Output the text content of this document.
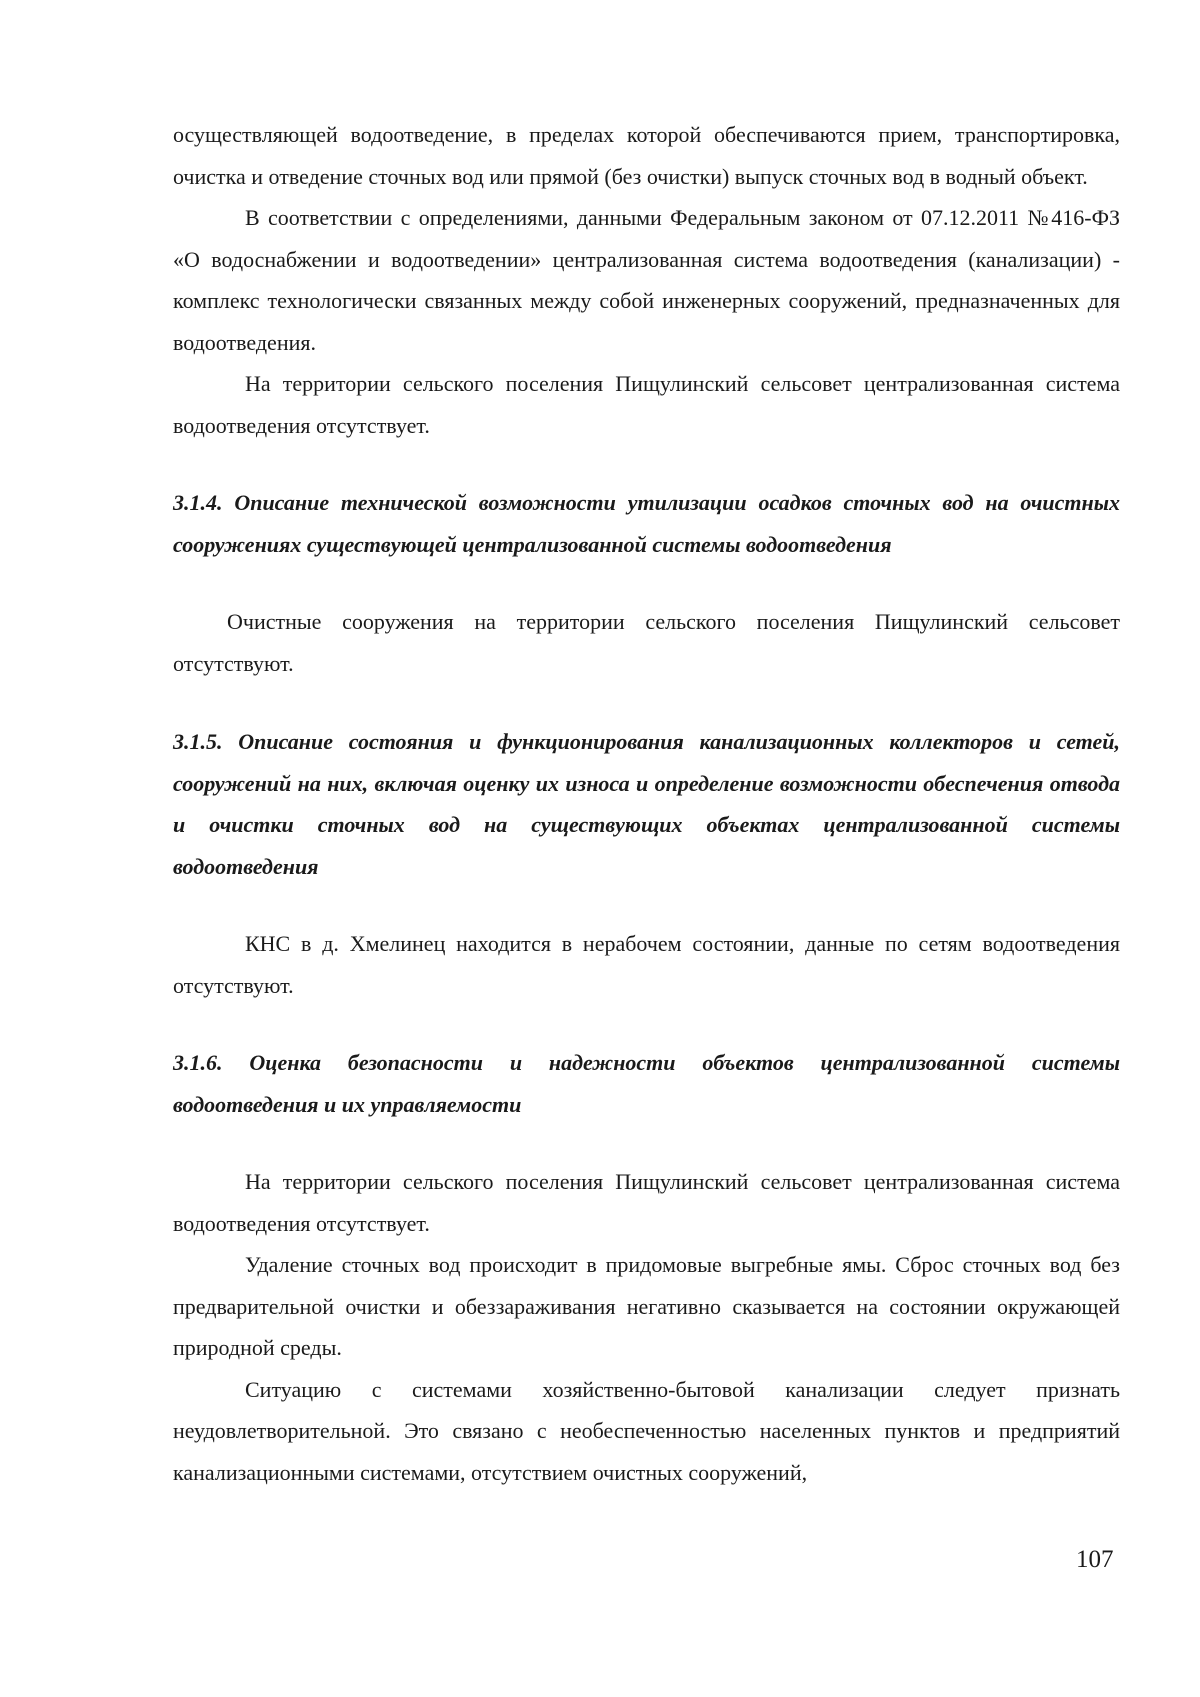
осуществляющей водоотведение, в пределах которой обеспечиваются прием, транспортировка, очистка и отведение сточных вод или прямой (без очистки) выпуск сточных вод в водный объект.

В соответствии с определениями, данными Федеральным законом от 07.12.2011 №416-ФЗ «О водоснабжении и водоотведении» централизованная система водоотведения (канализации) - комплекс технологически связанных между собой инженерных сооружений, предназначенных для водоотведения.

На территории сельского поселения Пищулинский сельсовет централизованная система водоотведения отсутствует.

3.1.4. Описание технической возможности утилизации осадков сточных вод на очистных сооружениях существующей централизованной системы водоотведения

Очистные сооружения на территории сельского поселения Пищулинский сельсовет отсутствуют.

3.1.5. Описание состояния и функционирования канализационных коллекторов и сетей, сооружений на них, включая оценку их износа и определение возможности обеспечения отвода и очистки сточных вод на существующих объектах централизованной системы водоотведения

КНС в д. Хмелинец находится в нерабочем состоянии, данные по сетям водоотведения отсутствуют.

3.1.6. Оценка безопасности и надежности объектов централизованной системы водоотведения и их управляемости

На территории сельского поселения Пищулинский сельсовет централизованная система водоотведения отсутствует.

Удаление сточных вод происходит в придомовые выгребные ямы. Сброс сточных вод без предварительной очистки и обеззараживания негативно сказывается на состоянии окружающей природной среды.

Ситуацию с системами хозяйственно-бытовой канализации следует признать неудовлетворительной. Это связано с необеспеченностью населенных пунктов и предприятий канализационными системами, отсутствием очистных сооружений,

107
